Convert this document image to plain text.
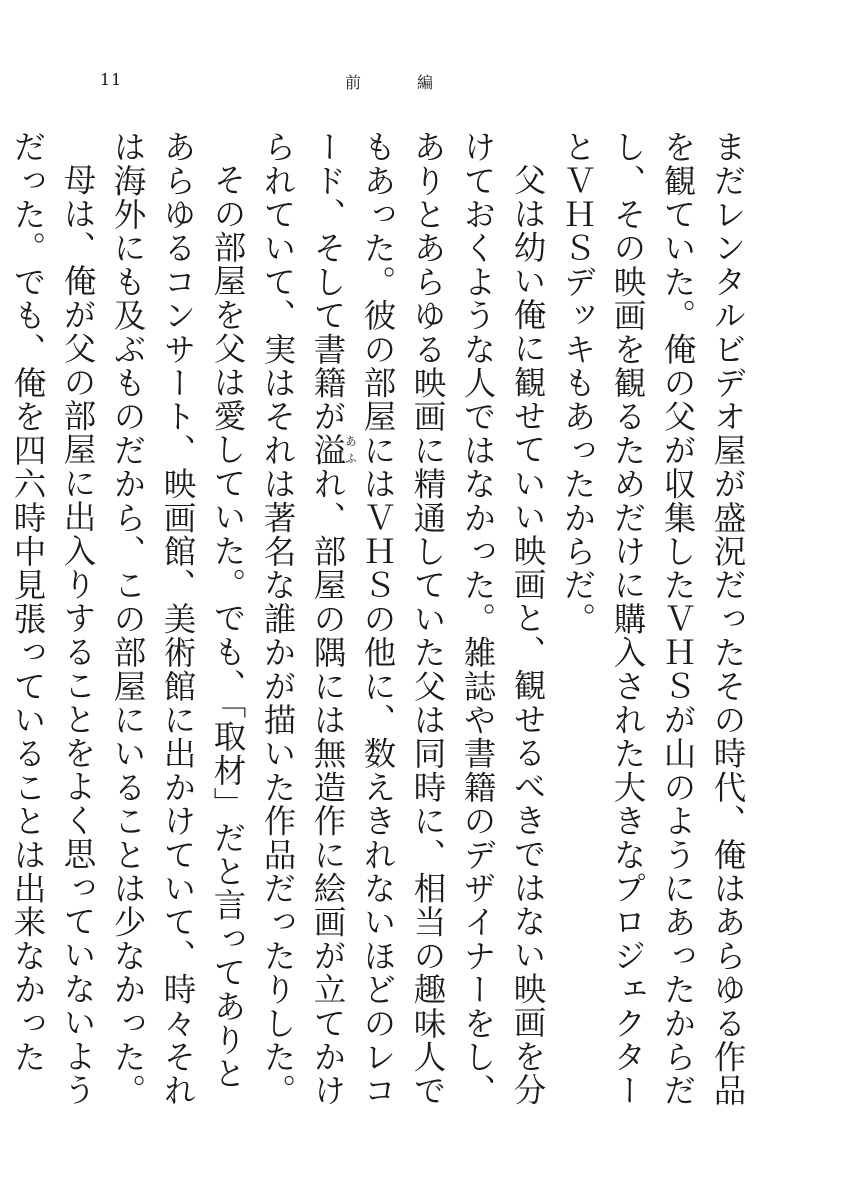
11	前編

まだレンタルビデオ屋が盛況だったその時代、俺はあらゆる作品を観ていた。俺の父が収集したＶＨＳが山のようにあったからだし、その映画を観るためだけに購入された大きなプロジェクターとＶＨＳデッキもあったからだ。

父は幼い俺に観せていい映画と、観せるべきではない映画を分けておくような人ではなかった。雑誌や書籍のデザイナーをし、ありとあらゆる映画に精通していた父は同時に、相当の趣味人でもあった。彼の部屋にはＶＨＳの他に、数えきれないほどのレコード、そして書籍が溢あふれ、部屋の隅には無造作に絵画が立てかけられていて、実はそれは著名な誰かが描いた作品だったりした。

その部屋を父は愛していた。でも、「取材」だと言ってありとあらゆるコンサート、映画館、美術館に出かけていて、時々それは海外にも及ぶものだから、この部屋にいることは少なかった。

母は、俺が父の部屋に出入りすることをよく思っていないようだった。でも、俺を四六時中見張っていることは出来なかった
